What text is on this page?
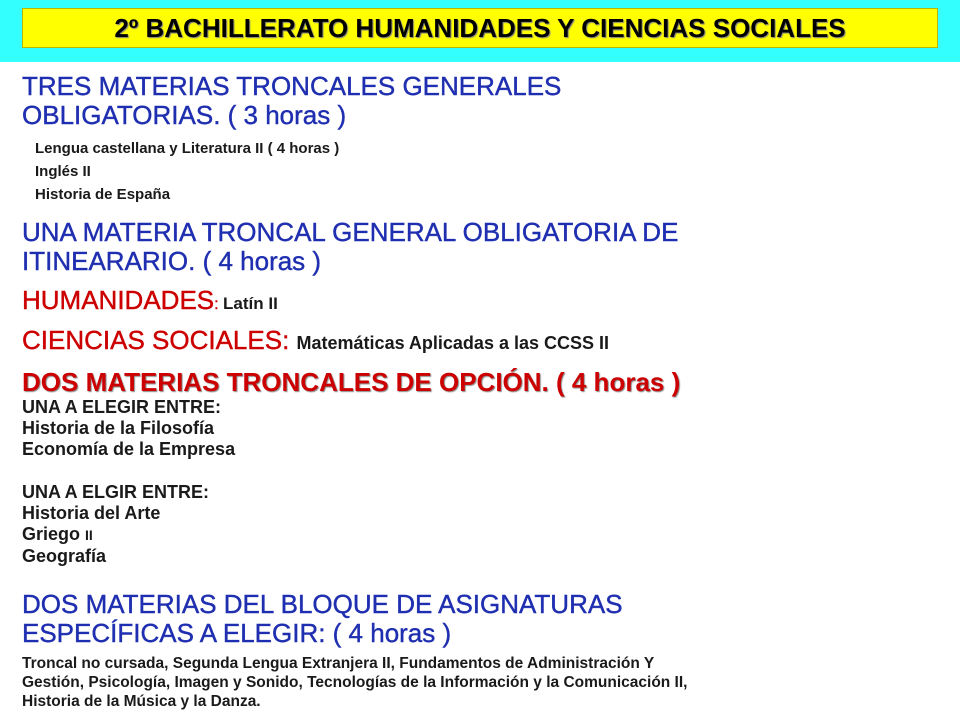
2º BACHILLERATO HUMANIDADES Y CIENCIAS SOCIALES
TRES MATERIAS TRONCALES GENERALES
OBLIGATORIAS. ( 3 horas )
Lengua castellana y Literatura II ( 4 horas )
Inglés II
Historia de España
UNA MATERIA TRONCAL GENERAL OBLIGATORIA DE
ITINEARARIO. ( 4 horas )
HUMANIDADES: Latín II
CIENCIAS SOCIALES: Matemáticas Aplicadas a las CCSS II
DOS MATERIAS TRONCALES DE OPCIÓN. ( 4 horas )
UNA A ELEGIR ENTRE:
Historia de la Filosofía
Economía de la Empresa
UNA A ELGIR ENTRE:
Historia del Arte
Griego II
Geografía
DOS MATERIAS DEL BLOQUE DE ASIGNATURAS
ESPECÍFICAS A ELEGIR: ( 4 horas )
Troncal no cursada, Segunda Lengua Extranjera II, Fundamentos de Administración Y
Gestión, Psicología, Imagen y Sonido, Tecnologías de la Información y la Comunicación II,
Historia de la Música y la Danza.
